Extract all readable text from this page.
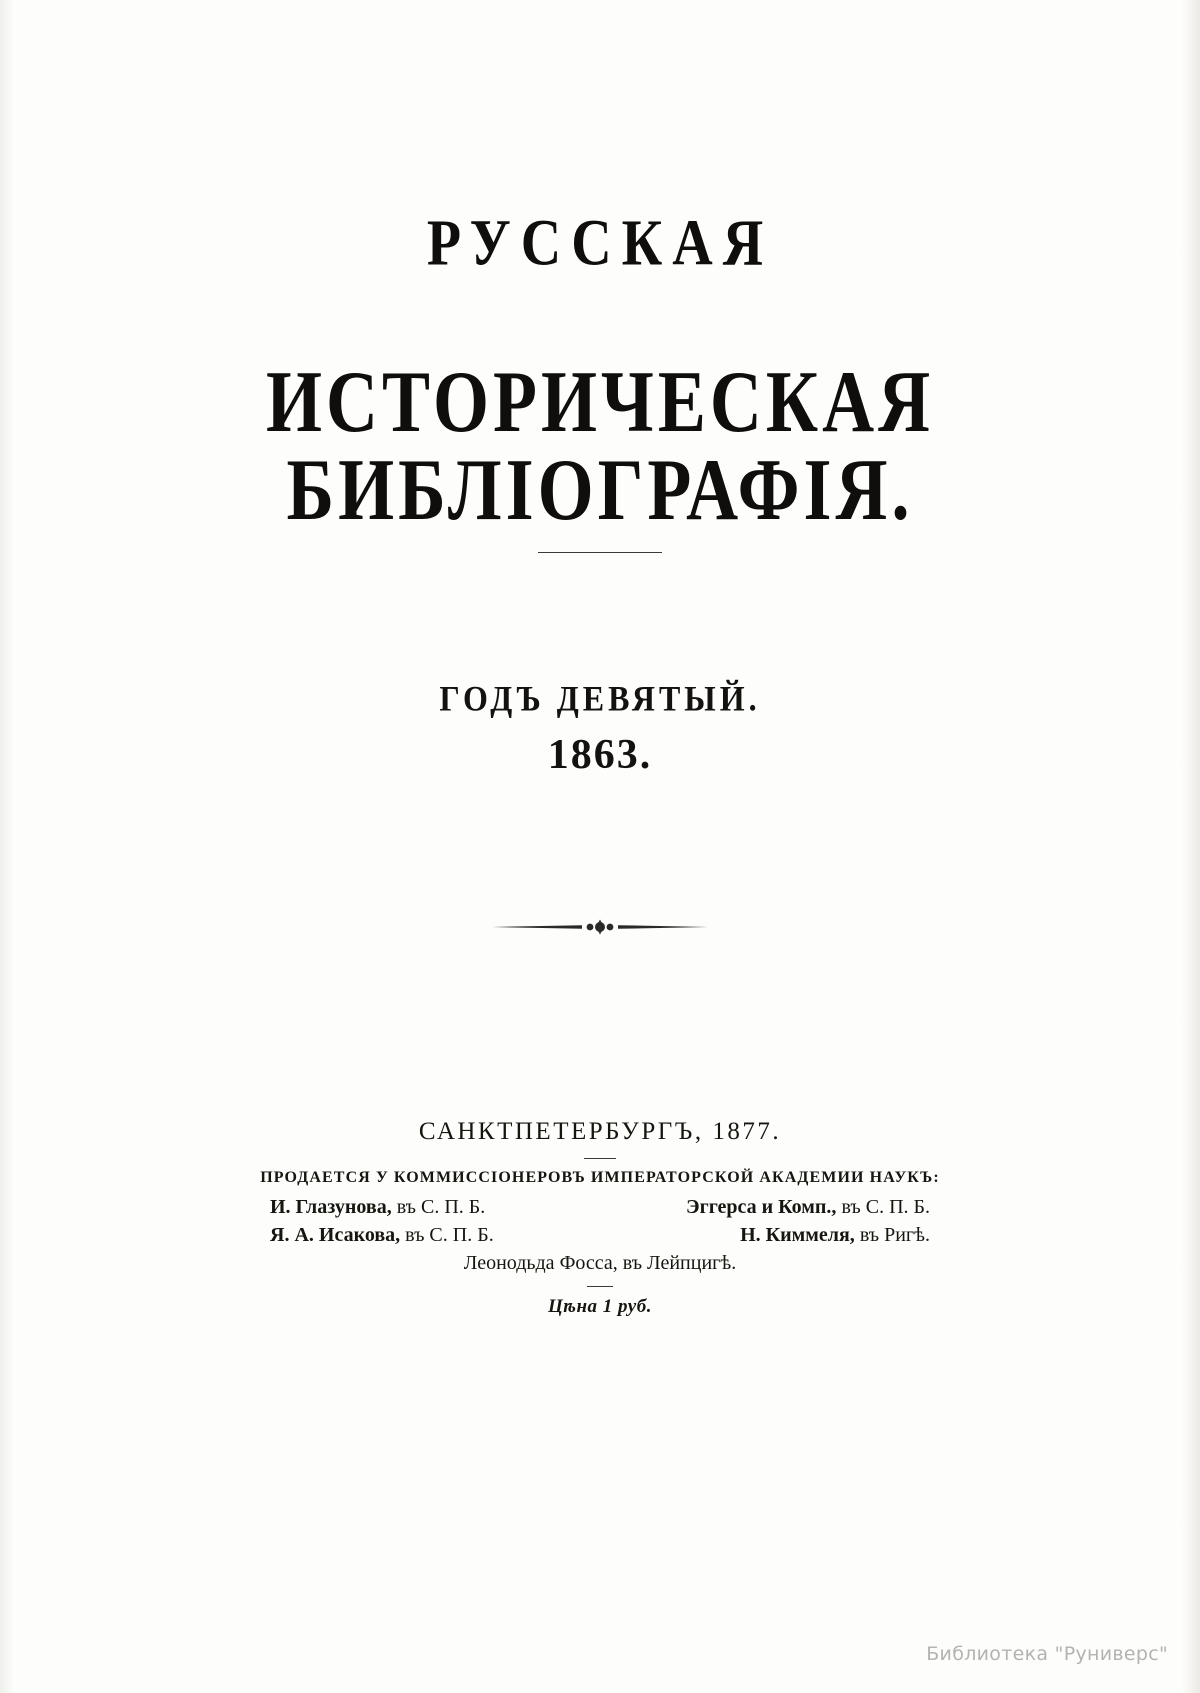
РУССКАЯ
ИСТОРИЧЕСКАЯ БИБЛІОГРАФІЯ.
ГОДЪ ДЕВЯТЫЙ.
1863.
САНКТПЕТЕРБУРГЪ, 1877.
ПРОДАЕТСЯ У КОММИССІОНЕРОВЪ ИМПЕРАТОРСКОЙ АКАДЕМИИ НАУКЪ:
И. Глазунова, въ С. П. Б.	Эггерса и Комп., въ С. П. Б.
Я. А. Исакова, въ С. П. Б.	Н. Киммеля, въ Ригѣ.
Леонодьда Фосса, въ Лейпцигѣ.
Цѣна 1 руб.
Библиотека "Руниверс"
